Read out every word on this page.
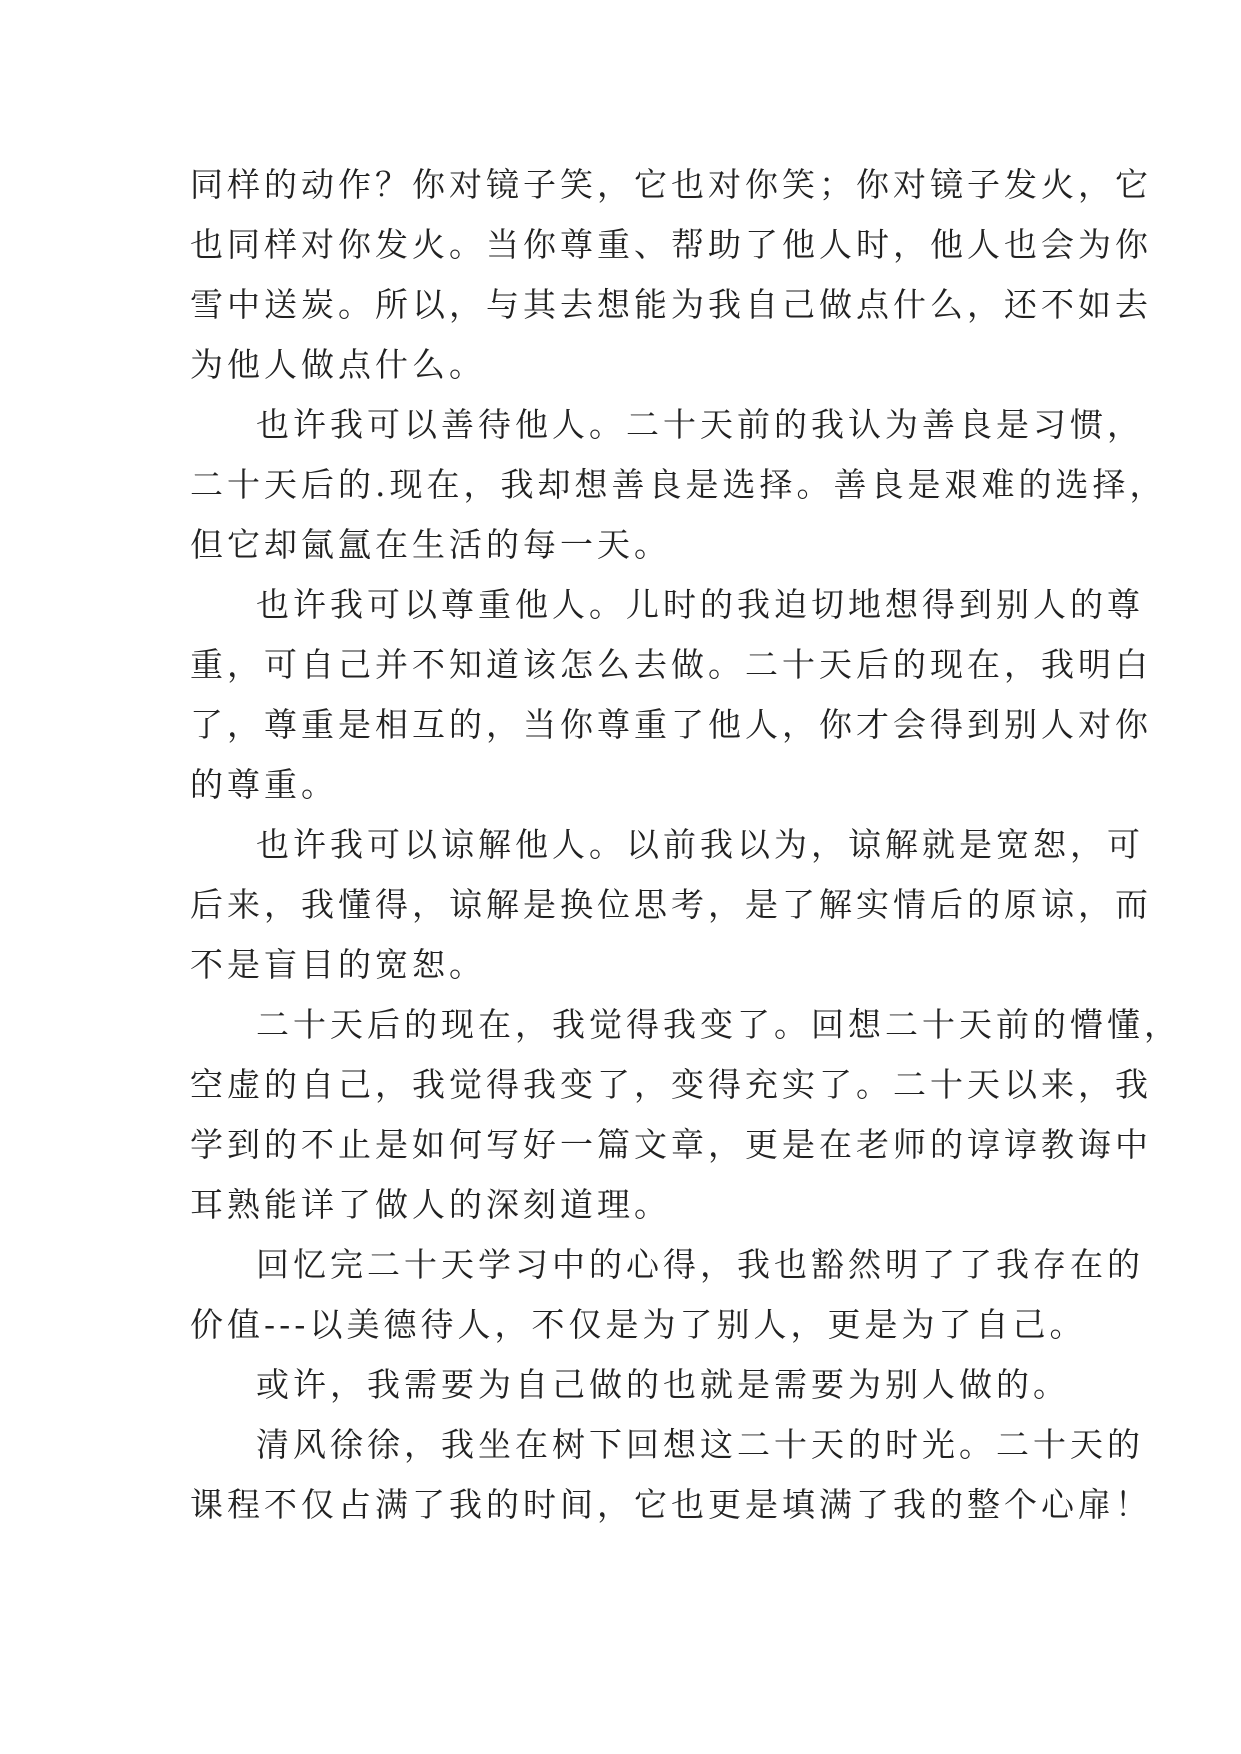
同样的动作？你对镜子笑，它也对你笑；你对镜子发火，它
也同样对你发火。当你尊重、帮助了他人时，他人也会为你
雪中送炭。所以，与其去想能为我自己做点什么，还不如去
为他人做点什么。
也许我可以善待他人。二十天前的我认为善良是习惯，
二十天后的.现在，我却想善良是选择。善良是艰难的选择，
但它却氤氲在生活的每一天。
也许我可以尊重他人。儿时的我迫切地想得到别人的尊
重，可自己并不知道该怎么去做。二十天后的现在，我明白
了，尊重是相互的，当你尊重了他人，你才会得到别人对你
的尊重。
也许我可以谅解他人。以前我以为，谅解就是宽恕，可
后来，我懂得，谅解是换位思考，是了解实情后的原谅，而
不是盲目的宽恕。
二十天后的现在，我觉得我变了。回想二十天前的懵懂，
空虚的自己，我觉得我变了，变得充实了。二十天以来，我
学到的不止是如何写好一篇文章，更是在老师的谆谆教诲中
耳熟能详了做人的深刻道理。
回忆完二十天学习中的心得，我也豁然明了了我存在的
价值---以美德待人，不仅是为了别人，更是为了自己。
或许，我需要为自己做的也就是需要为别人做的。
清风徐徐，我坐在树下回想这二十天的时光。二十天的
课程不仅占满了我的时间，它也更是填满了我的整个心扉！
